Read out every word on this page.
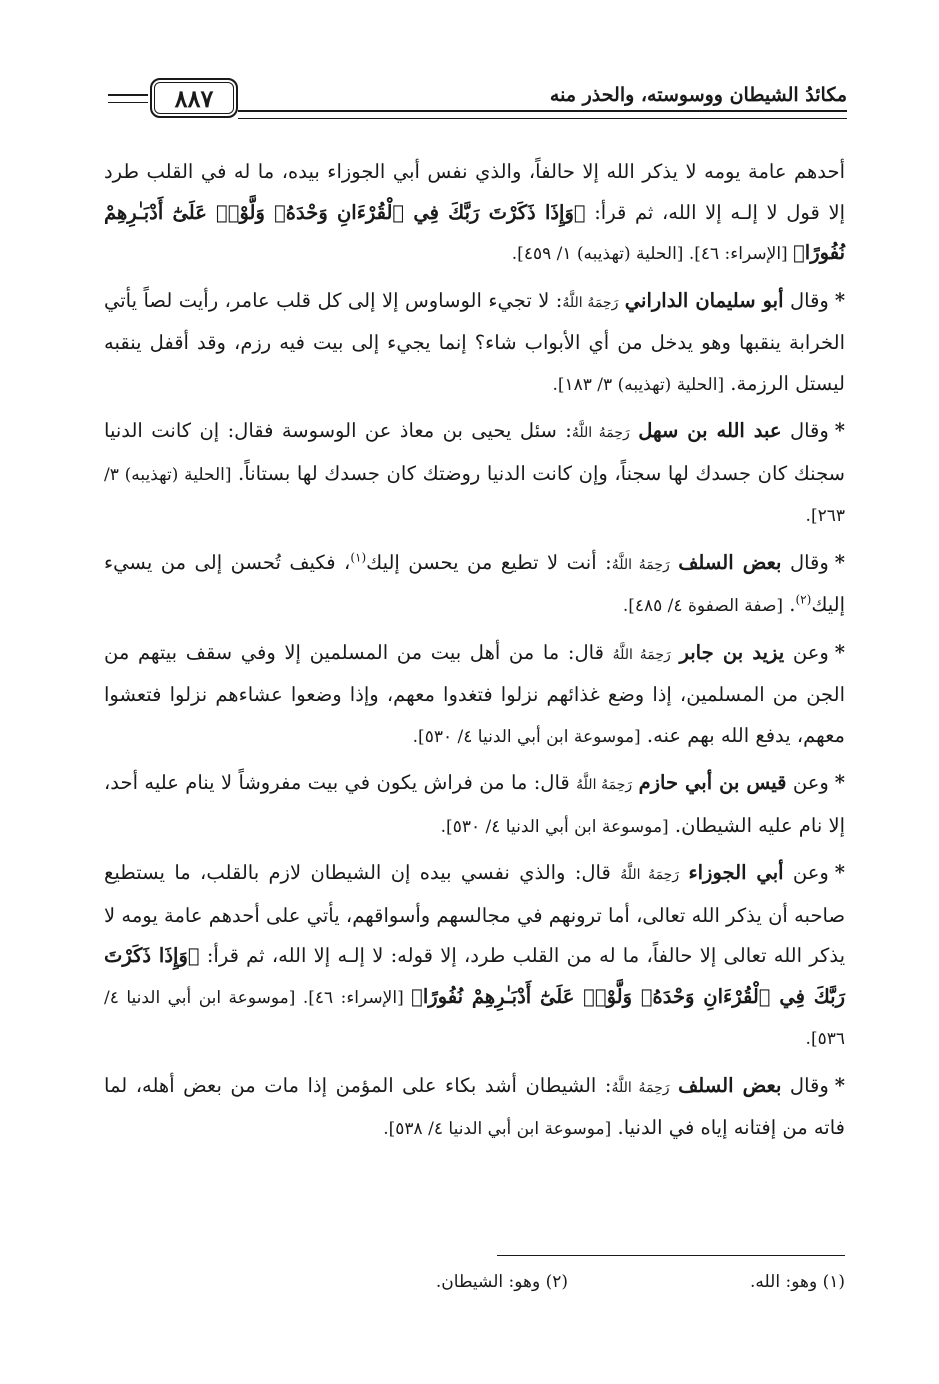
مكائدُ الشيطان ووسوسته، والحذر منه
٨٨٧

أحدهم عامة يومه لا يذكر الله إلا حالفاً، والذي نفس أبي الجوزاء بيده، ما له في القلب طرد إلا قول لا إلـه إلا الله، ثم قرأ: ﴿وَإِذَا ذَكَرْتَ رَبَّكَ فِي ٱلْقُرْءَانِ وَحْدَهُۥ وَلَّوْا۟ عَلَىٰٓ أَدْبَـٰرِهِمْ نُفُورًا﴾ [الإسراء: ٤٦]. [الحلية (تهذيبه) ١/ ٤٥٩].

*وقال أبو سليمان الداراني رَحِمَهُ اللَّهُ: لا تجيء الوساوس إلا إلى كل قلب عامر، رأيت لصاً يأتي الخرابة ينقبها وهو يدخل من أي الأبواب شاء؟ إنما يجيء إلى بيت فيه رزم، وقد أقفل ينقبه ليستل الرزمة. [الحلية (تهذيبه) ٣/ ١٨٣].

*وقال عبد الله بن سهل رَحِمَهُ اللَّهُ: سئل يحيى بن معاذ عن الوسوسة فقال: إن كانت الدنيا سجنك كان جسدك لها سجناً، وإن كانت الدنيا روضتك كان جسدك لها بستاناً. [الحلية (تهذيبه) ٣/ ٢٦٣].

*وقال بعض السلف رَحِمَهُ اللَّهُ: أنت لا تطيع من يحسن إليك$^{(١)}$، فكيف تُحسن إلى من يسيء إليك$^{(٢)}$. [صفة الصفوة ٤/ ٤٨٥].

*وعن يزيد بن جابر رَحِمَهُ اللَّهُ قال: ما من أهل بيت من المسلمين إلا وفي سقف بيتهم من الجن من المسلمين، إذا وضع غذائهم نزلوا فتغدوا معهم، وإذا وضعوا عشاءهم نزلوا فتعشوا معهم، يدفع الله بهم عنه. [موسوعة ابن أبي الدنيا ٤/ ٥٣٠].

*وعن قيس بن أبي حازم رَحِمَهُ اللَّهُ قال: ما من فراش يكون في بيت مفروشاً لا ينام عليه أحد، إلا نام عليه الشيطان. [موسوعة ابن أبي الدنيا ٤/ ٥٣٠].

*وعن أبي الجوزاء رَحِمَهُ اللَّهُ قال: والذي نفسي بيده إن الشيطان لازم بالقلب، ما يستطيع صاحبه أن يذكر الله تعالى، أما ترونهم في مجالسهم وأسواقهم، يأتي على أحدهم عامة يومه لا يذكر الله تعالى إلا حالفاً، ما له من القلب طرد، إلا قوله: لا إلـه إلا الله، ثم قرأ: ﴿وَإِذَا ذَكَرْتَ رَبَّكَ فِي ٱلْقُرْءَانِ وَحْدَهُۥ وَلَّوْا۟ عَلَىٰٓ أَدْبَـٰرِهِمْ نُفُورًا﴾ [الإسراء: ٤٦]. [موسوعة ابن أبي الدنيا ٤/ ٥٣٦].

*وقال بعض السلف رَحِمَهُ اللَّهُ: الشيطان أشد بكاء على المؤمن إذا مات من بعض أهله، لما فاته من إفتانه إياه في الدنيا. [موسوعة ابن أبي الدنيا ٤/ ٥٣٨].

(١) وهو: الله.
(٢) وهو: الشيطان.
